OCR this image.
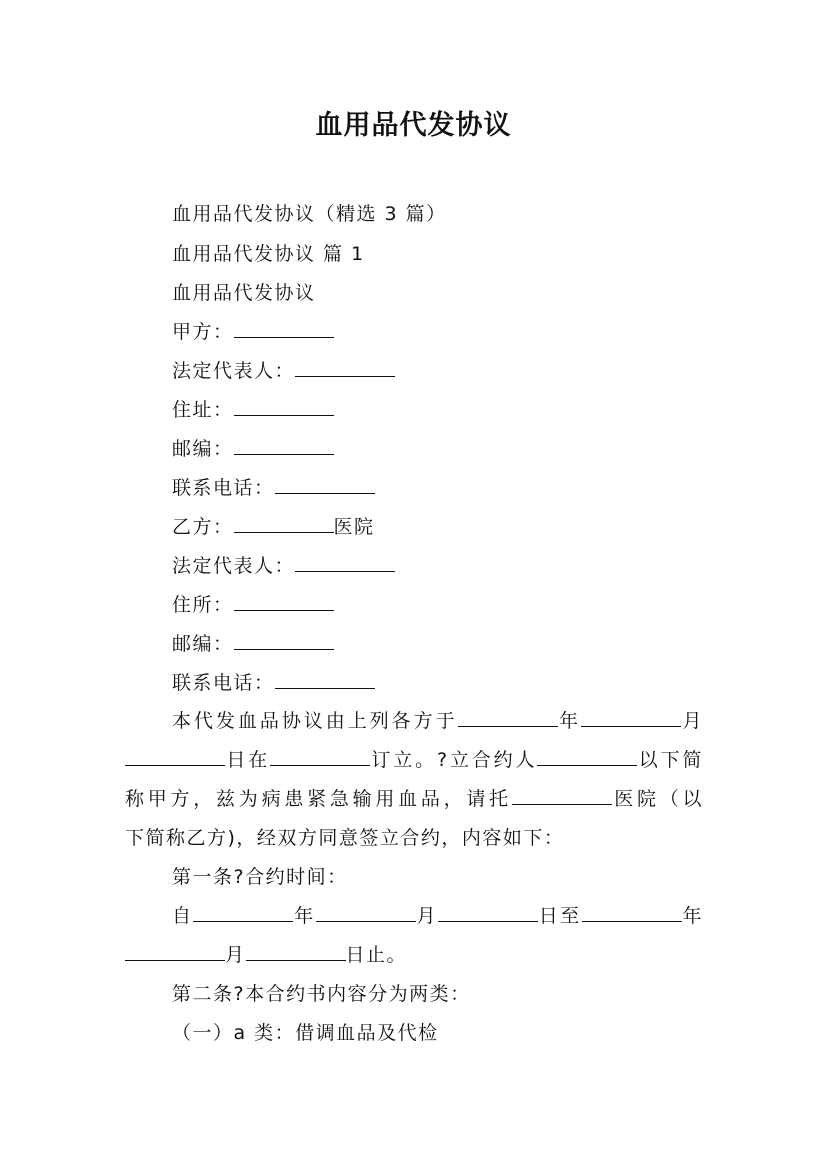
血用品代发协议
血用品代发协议（精选 3 篇）
血用品代发协议 篇 1
血用品代发协议
甲方：
法定代表人：
住址：
邮编：
联系电话：
乙方：	医院
法定代表人：
住所：
邮编：
联系电话：
本代发血品协议由上列各方于	年	月
日在	订立。?立合约人	以下简
称甲方，兹为病患紧急输用血品，请托	医院（以
下简称乙方)，经双方同意签立合约，内容如下：
第一条?合约时间：
自	年	月	日至	年
月	日止。
第二条?本合约书内容分为两类：
（一）a 类：借调血品及代检
